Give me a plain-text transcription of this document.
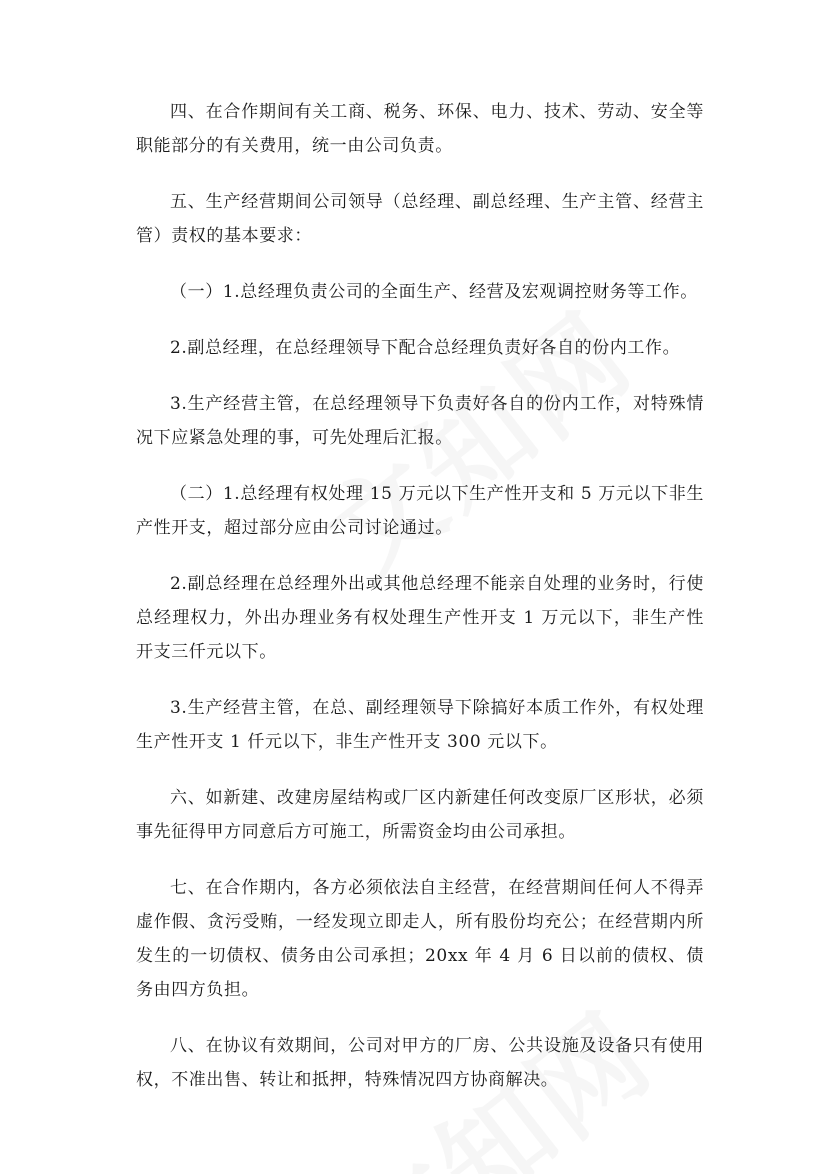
四、在合作期间有关工商、税务、环保、电力、技术、劳动、安全等职能部分的有关费用，统一由公司负责。

五、生产经营期间公司领导（总经理、副总经理、生产主管、经营主管）责权的基本要求：

（一）1.总经理负责公司的全面生产、经营及宏观调控财务等工作。

2.副总经理，在总经理领导下配合总经理负责好各自的份内工作。

3.生产经营主管，在总经理领导下负责好各自的份内工作，对特殊情况下应紧急处理的事，可先处理后汇报。

（二）1.总经理有权处理 15 万元以下生产性开支和 5 万元以下非生产性开支，超过部分应由公司讨论通过。

2.副总经理在总经理外出或其他总经理不能亲自处理的业务时，行使总经理权力，外出办理业务有权处理生产性开支 1 万元以下，非生产性开支三仟元以下。

3.生产经营主管，在总、副经理领导下除搞好本质工作外，有权处理生产性开支 1 仟元以下，非生产性开支 300 元以下。

六、如新建、改建房屋结构或厂区内新建任何改变原厂区形状，必须事先征得甲方同意后方可施工，所需资金均由公司承担。

七、在合作期内，各方必须依法自主经营，在经营期间任何人不得弄虚作假、贪污受贿，一经发现立即走人，所有股份均充公；在经营期内所发生的一切债权、债务由公司承担；20xx 年 4 月 6 日以前的债权、债务由四方负担。

八、在协议有效期间，公司对甲方的厂房、公共设施及设备只有使用权，不准出售、转让和抵押，特殊情况四方协商解决。
